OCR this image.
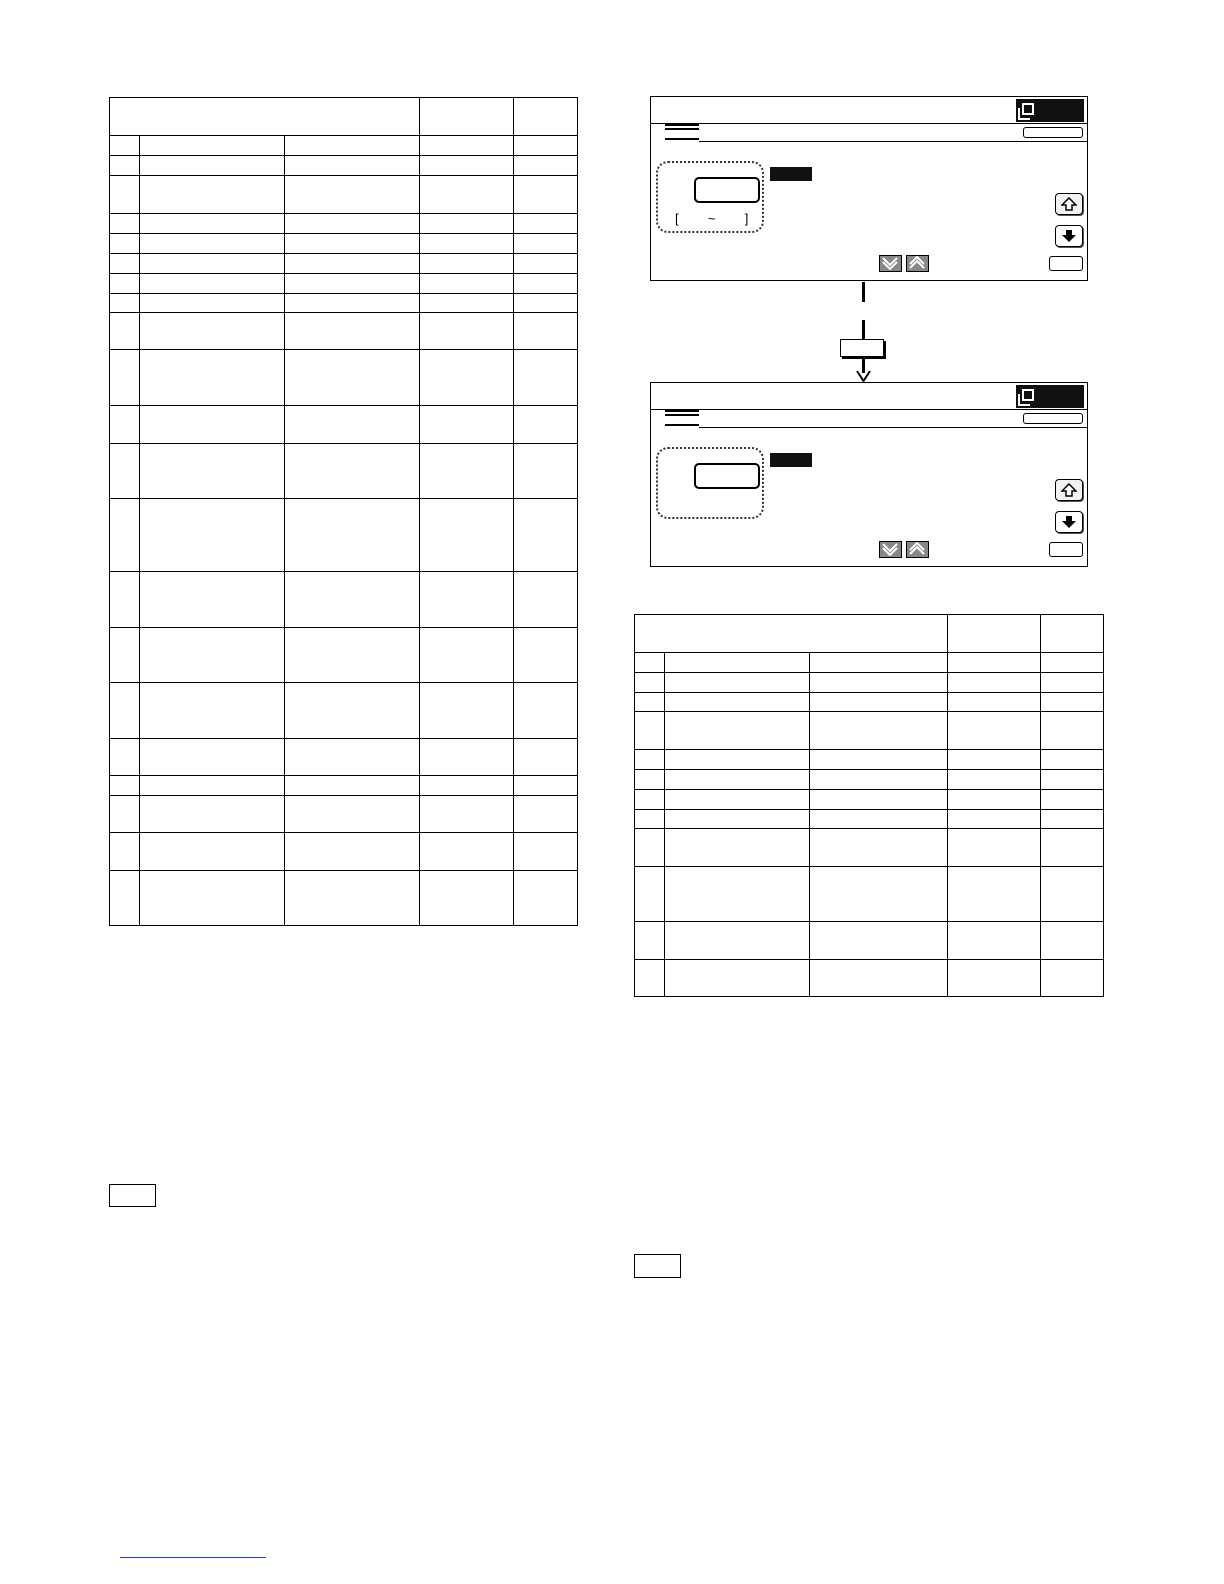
[ ~ ]
